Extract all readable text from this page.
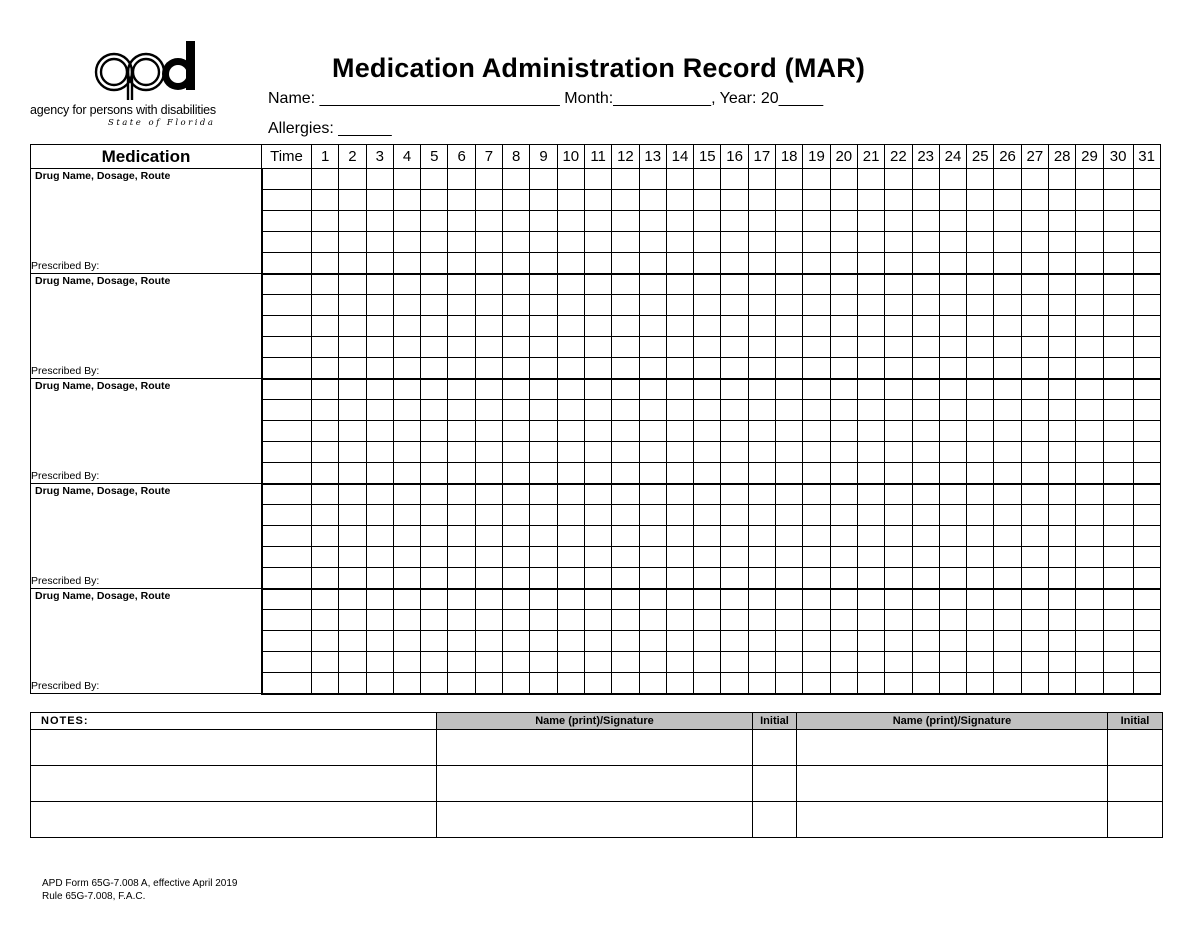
agency for persons with disabilities
State of Florida
Medication Administration Record (MAR)
Name: ___________________________ Month:___________, Year: 20_____
Allergies: ______
Medication	Time	1	2	3	4	5	6	7	8	9	10	11	12	13	14	15	16	17	18	19	20	21	22	23	24	25	26	27	28	29	30	31

Drug Name, Dosage, Route
Prescribed By:																																

Drug Name, Dosage, Route
Prescribed By:																																

Drug Name, Dosage, Route
Prescribed By:																																

Drug Name, Dosage, Route
Prescribed By:																																

Drug Name, Dosage, Route
Prescribed By:																																

NOTES:	Name (print)/Signature	Initial	Name (print)/Signature	Initial

APD Form 65G-7.008 A, effective April 2019
Rule 65G-7.008, F.A.C.
